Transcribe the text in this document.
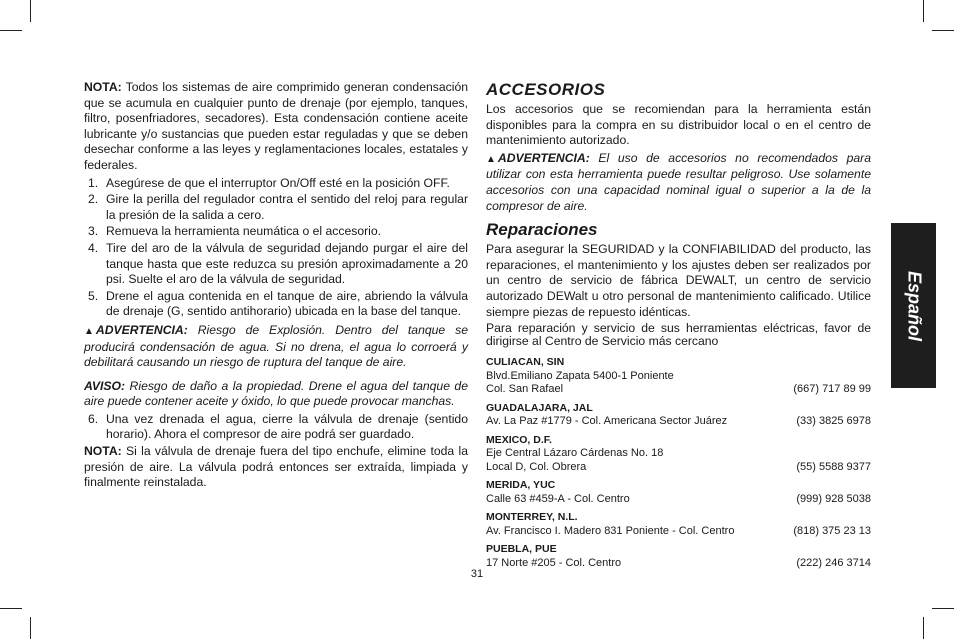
NOTA: Todos los sistemas de aire comprimido generan condensación que se acumula en cualquier punto de drenaje (por ejemplo, tanques, filtro, posenfriadores, secadores). Esta condensación contiene aceite lubricante y/o sustancias que pueden estar reguladas y que se deben desechar conforme a las leyes y reglamentaciones locales, estatales y federales.

1. Asegúrese de que el interruptor On/Off esté en la posición OFF.
2. Gire la perilla del regulador contra el sentido del reloj para regular la presión de la salida a cero.
3. Remueva la herramienta neumática o el accesorio.
4. Tire del aro de la válvula de seguridad dejando purgar el aire del tanque hasta que este reduzca su presión aproximadamente a 20 psi. Suelte el aro de la válvula de seguridad.
5. Drene el agua contenida en el tanque de aire, abriendo la válvula de drenaje (G, sentido antihorario) ubicada en la base del tanque.

▲ ADVERTENCIA: Riesgo de Explosión. Dentro del tanque se producirá condensación de agua. Si no drena, el agua lo corroerá y debilitará causando un riesgo de ruptura del tanque de aire.

AVISO: Riesgo de daño a la propiedad. Drene el agua del tanque de aire puede contener aceite y óxido, lo que puede provocar manchas.

6. Una vez drenada el agua, cierre la válvula de drenaje (sentido horario). Ahora el compresor de aire podrá ser guardado.

NOTA: Si la válvula de drenaje fuera del tipo enchufe, elimine toda la presión de aire. La válvula podrá entonces ser extraída, limpiada y finalmente reinstalada.

ACCESORIOS

Los accesorios que se recomiendan para la herramienta están disponibles para la compra en su distribuidor local o en el centro de mantenimiento autorizado.

▲ ADVERTENCIA: El uso de accesorios no recomendados para utilizar con esta herramienta puede resultar peligroso. Use solamente accesorios con una capacidad nominal igual o superior a la de la compresor de aire.

Reparaciones

Para asegurar la SEGURIDAD y la CONFIABILIDAD del producto, las reparaciones, el mantenimiento y los ajustes deben ser realizados por un centro de servicio de fábrica DEWALT, un centro de servicio autorizado DEWalt u otro personal de mantenimiento calificado. Utilice siempre piezas de repuesto idénticas.

Para reparación y servicio de sus herramientas eléctricas, favor de dirigirse al Centro de Servicio más cercano

CULIACAN, SIN
Blvd.Emiliano Zapata 5400-1 Poniente
Col. San Rafael	(667) 717 89 99
GUADALAJARA, JAL
Av. La Paz #1779 - Col. Americana Sector Juárez	(33) 3825 6978
MEXICO, D.F.
Eje Central Lázaro Cárdenas No. 18
Local D, Col. Obrera	(55) 5588 9377
MERIDA, YUC
Calle 63 #459-A - Col. Centro	(999) 928 5038
MONTERREY, N.L.
Av. Francisco I. Madero 831 Poniente - Col. Centro	(818) 375 23 13
PUEBLA, PUE
17 Norte #205 - Col. Centro	(222) 246 3714
Español
31
